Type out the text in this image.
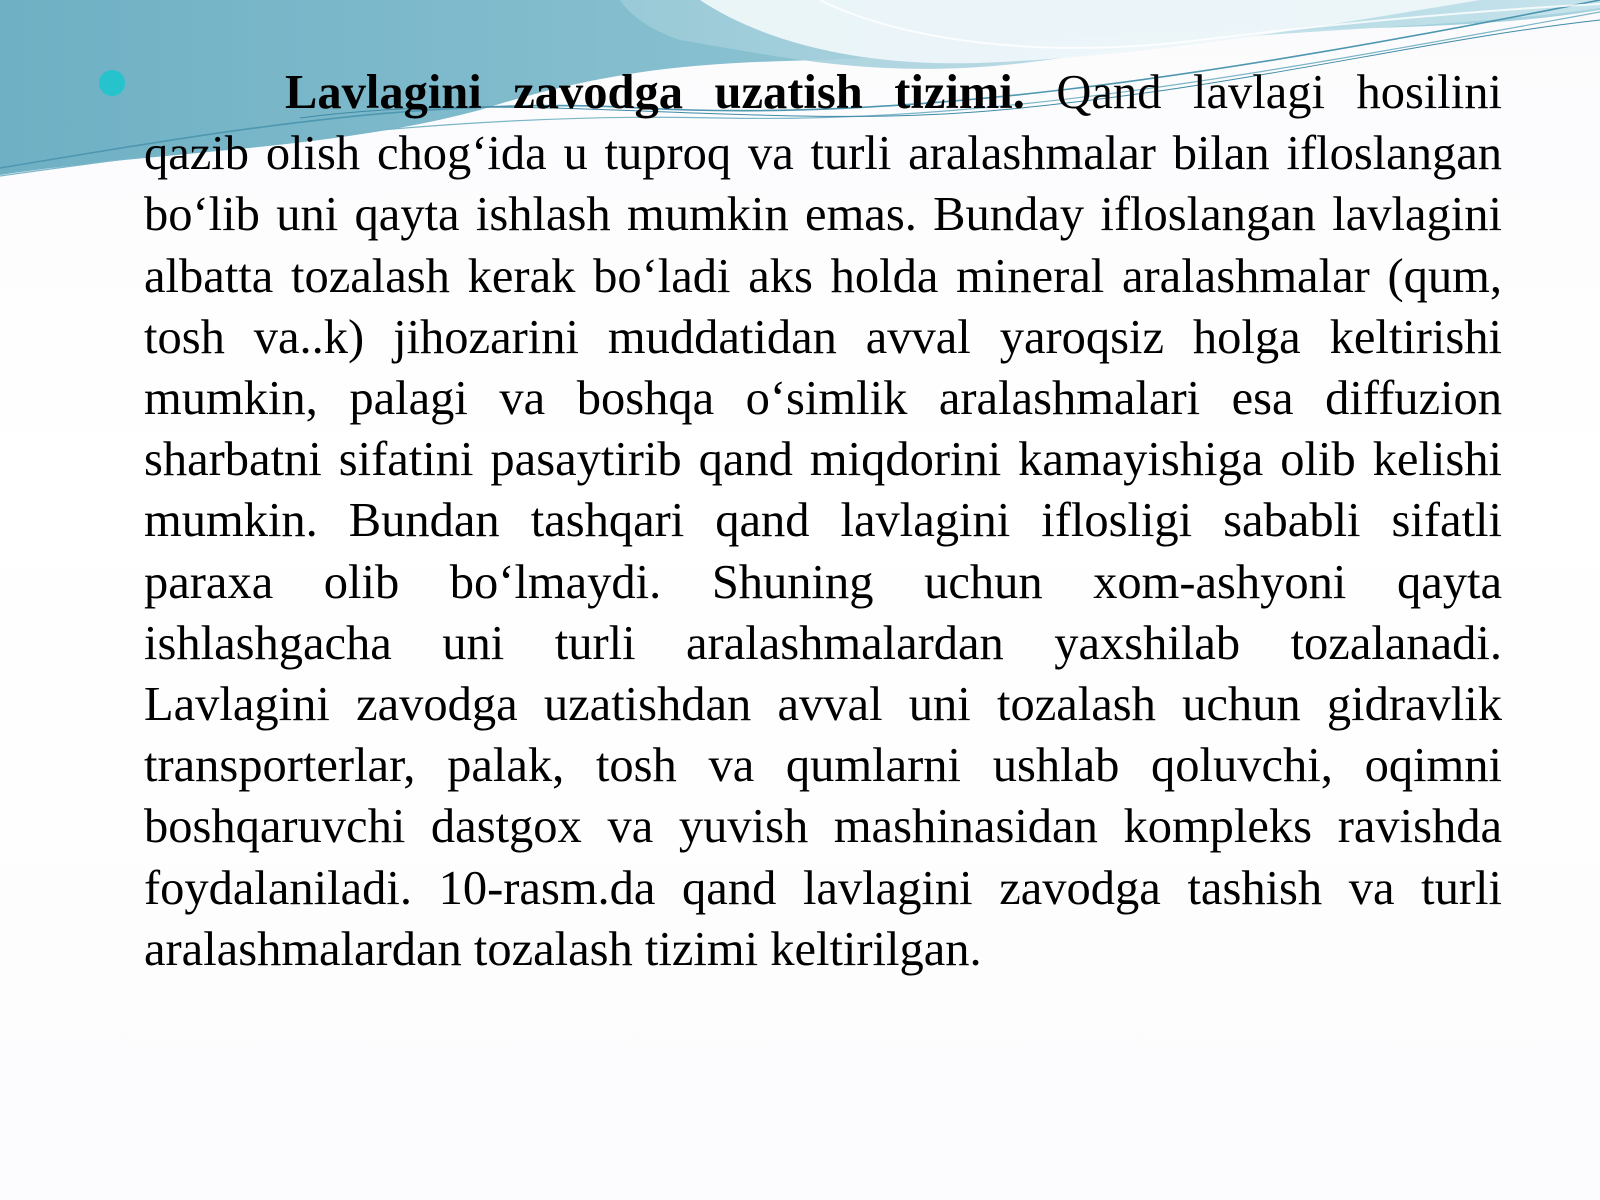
Lavlagini zavodga uzatish tizimi. Qand lavlagi hosilini qazib olish chog‘ida u tuproq va turli aralashmalar bilan ifloslangan bo‘lib uni qayta ishlash mumkin emas. Bunday ifloslangan lavlagini albatta tozalash kerak bo‘ladi aks holda mineral aralashmalar (qum, tosh va..k) jihozarini muddatidan avval yaroqsiz holga keltirishi mumkin, palagi va boshqa o‘simlik aralashmalari esa diffuzion sharbatni sifatini pasaytirib qand miqdorini kamayishiga olib kelishi mumkin. Bundan tashqari qand lavlagini iflosligi sababli sifatli paraxa olib bo‘lmaydi. Shuning uchun xom-ashyoni qayta ishlashgacha uni turli aralashmalardan yaxshilab tozalanadi. Lavlagini zavodga uzatishdan avval uni tozalash uchun gidravlik transporterlar, palak, tosh va qumlarni ushlab qoluvchi, oqimni boshqaruvchi dastgox va yuvish mashinasidan kompleks ravishda foydalaniladi. 10-rasm.da qand lavlagini zavodga tashish va turli aralashmalardan tozalash tizimi keltirilgan.
